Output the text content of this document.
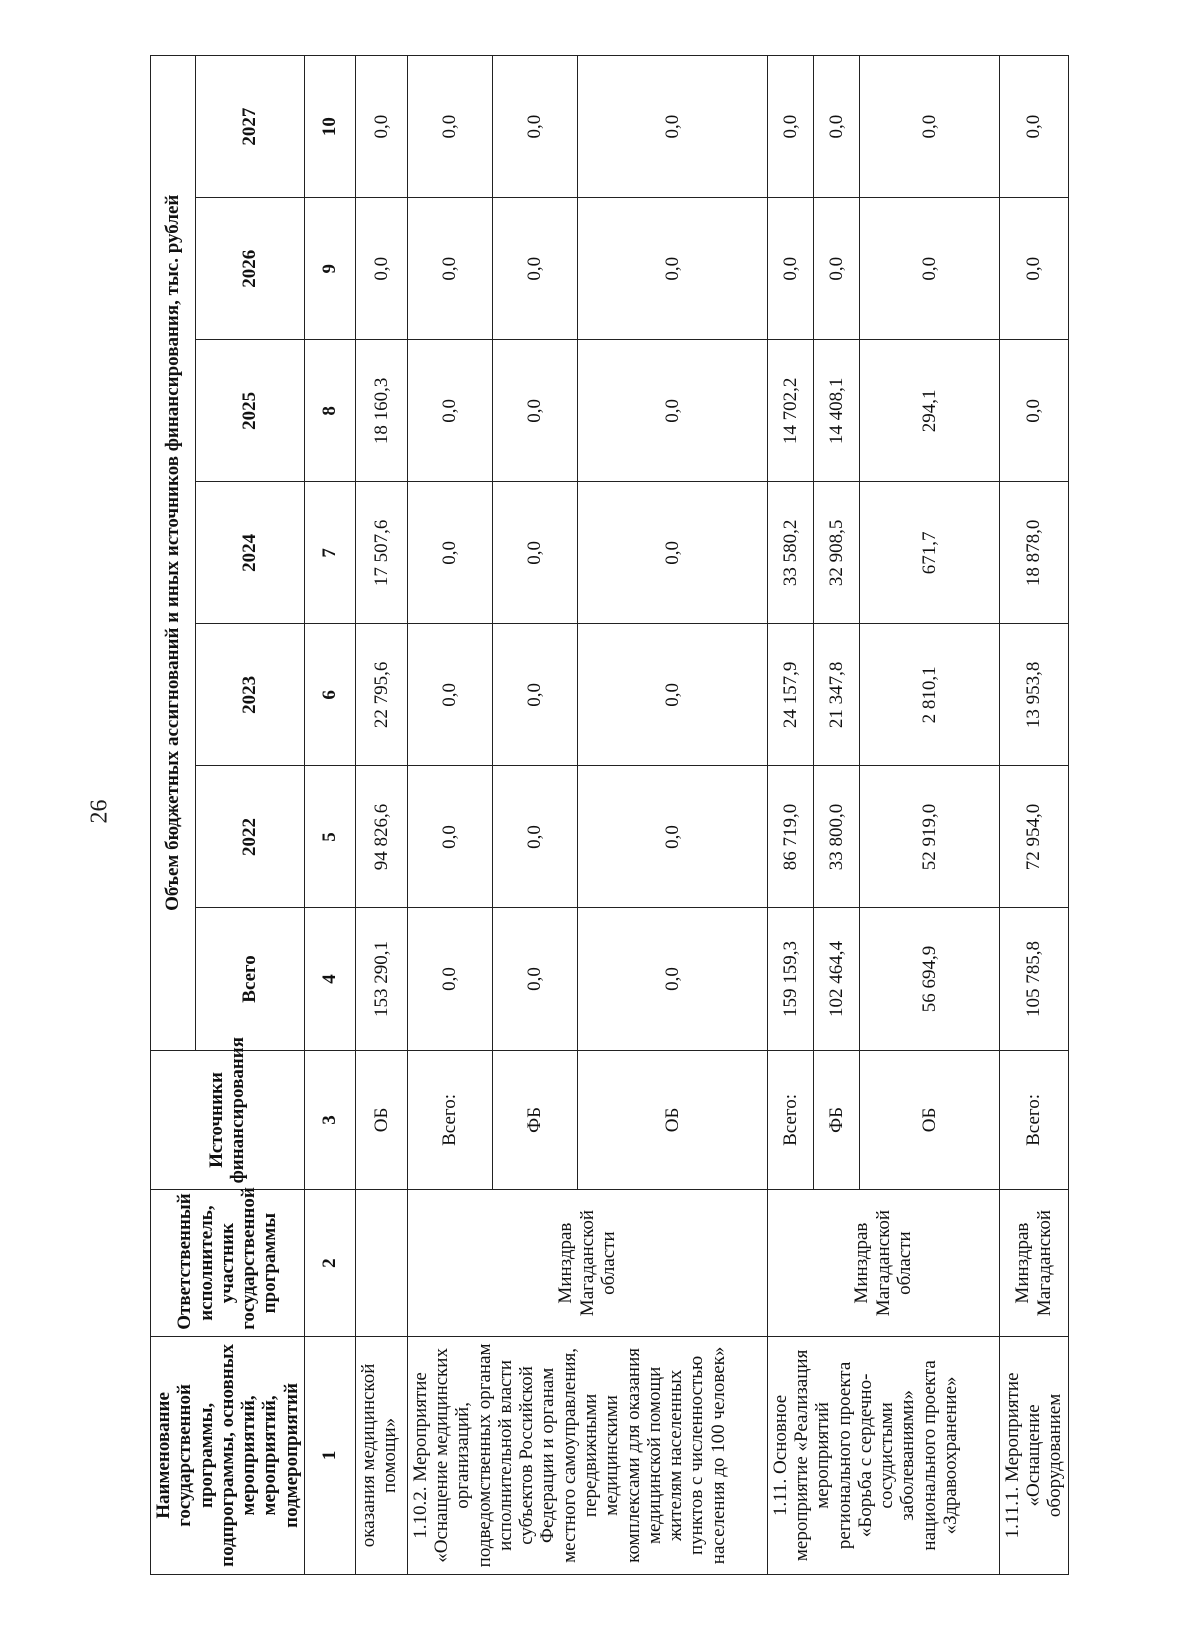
26
Наименование государственной программы, подпрограммы, основных мероприятий, мероприятий, подмероприятий	Ответственный исполнитель, участник государственной программы	Источники финансирования	Объем бюджетных ассигнований и иных источников финансирования, тыс. рублей						
			Всего	2022	2023	2024	2025	2026	2027
1	2	3	4	5	6	7	8	9	10
оказания медицинской помощи»		ОБ	153 290,1	94 826,6	22 795,6	17 507,6	18 160,3	0,0	0,0
1.10.2. Мероприятие «Оснащение медицинских организаций, подведомственных органам исполнительной власти субъектов Российской Федерации и органам местного самоуправления, передвижными медицинскими комплексами для оказания медицинской помощи жителям населенных пунктов с численностью населения до 100 человек»	Минздрав Магаданской области	Всего:	0,0	0,0	0,0	0,0	0,0	0,0	0,0
		ФБ	0,0	0,0	0,0	0,0	0,0	0,0	0,0
		ОБ	0,0	0,0	0,0	0,0	0,0	0,0	0,0
1.11. Основное мероприятие «Реализация мероприятий регионального проекта «Борьба с сердечно-сосудистыми заболеваниями» национального проекта «Здравоохранение»	Минздрав Магаданской области	Всего:	159 159,3	86 719,0	24 157,9	33 580,2	14 702,2	0,0	0,0
		ФБ	102 464,4	33 800,0	21 347,8	32 908,5	14 408,1	0,0	0,0
		ОБ	56 694,9	52 919,0	2 810,1	671,7	294,1	0,0	0,0
1.11.1. Мероприятие «Оснащение оборудованием	Минздрав Магаданской	Всего:	105 785,8	72 954,0	13 953,8	18 878,0	0,0	0,0	0,0
